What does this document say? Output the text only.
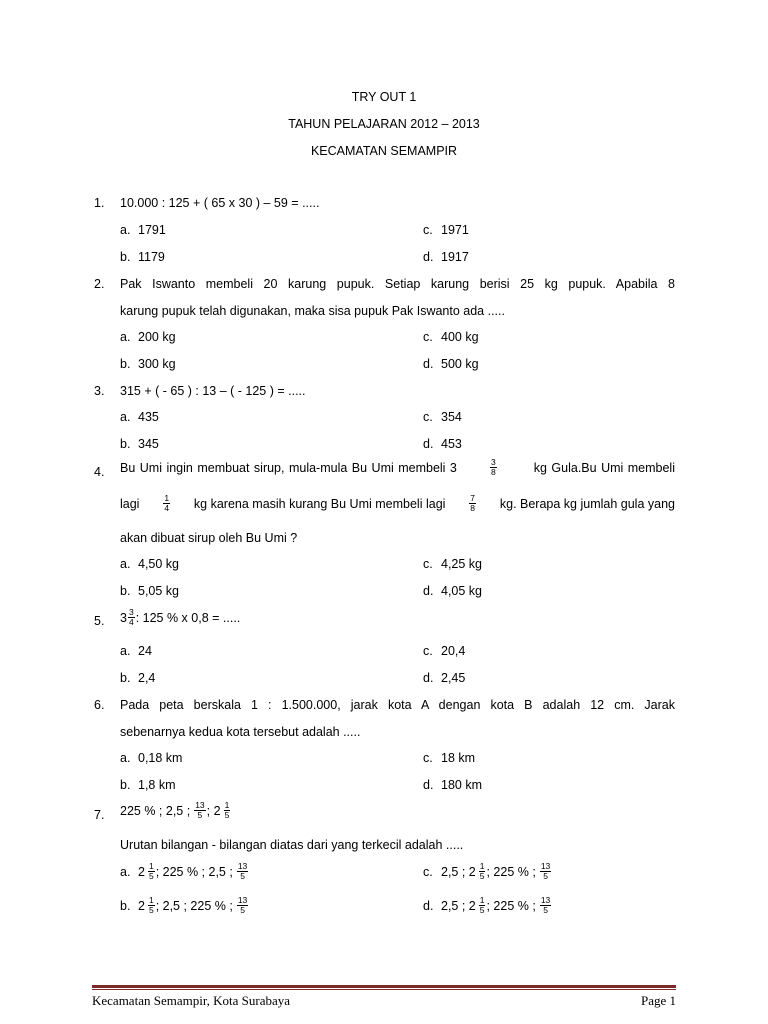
TRY OUT 1
TAHUN PELAJARAN 2012 – 2013
KECAMATAN SEMAMPIR
1. 10.000 : 125 + ( 65 x 30 ) – 59 = .....
a. 1791	c. 1971
b. 1179	d. 1917
2. Pak Iswanto membeli 20 karung pupuk. Setiap karung berisi 25 kg pupuk. Apabila 8
karung pupuk telah digunakan, maka sisa pupuk Pak Iswanto ada .....
a. 200 kg	c. 400 kg
b. 300 kg	d. 500 kg
3. 315 + ( - 65 ) : 13 – ( - 125 ) = .....
a. 435	c. 354
b. 345	d. 453
4. Bu Umi ingin membuat sirup, mula-mula Bu Umi membeli 3	$\frac{3}{8}$	kg Gula.Bu Umi membeli
lagi	$\frac{1}{4}$ kg karena masih kurang Bu Umi membeli lagi	$\frac{7}{8}$ kg. Berapa kg jumlah gula yang
akan dibuat sirup oleh Bu Umi ?
a. 4,50 kg	c. 4,25 kg
b. 5,05 kg	d. 4,05 kg
5. $3 \frac{3}{4}$ : 125 % x 0,8 = .....
a. 24	c. 20,4
b. 2,4	d. 2,45
6. Pada peta berskala 1 : 1.500.000, jarak kota A dengan kota B adalah 12 cm. Jarak
sebenarnya kedua kota tersebut adalah .....
a. 0,18 km	c. 18 km
b. 1,8 km	d. 180 km
7. 225 % ; 2,5 ; $\frac{13}{5}$ ; $2 \frac{1}{5}$
Urutan bilangan - bilangan diatas dari yang terkecil adalah .....
a. $2 \frac{1}{5}$ ; 225 % ; 2,5 ; $\frac{13}{5}$	c. 2,5 ; $2 \frac{1}{5}$ ; 225 % ; $\frac{13}{5}$
b. $2 \frac{1}{5}$ ; 2,5 ; 225 % ; $\frac{13}{5}$	d. 2,5 ; $2 \frac{1}{5}$ ; 225 % ; $\frac{13}{5}$
Kecamatan Semampir, Kota Surabaya	Page 1
